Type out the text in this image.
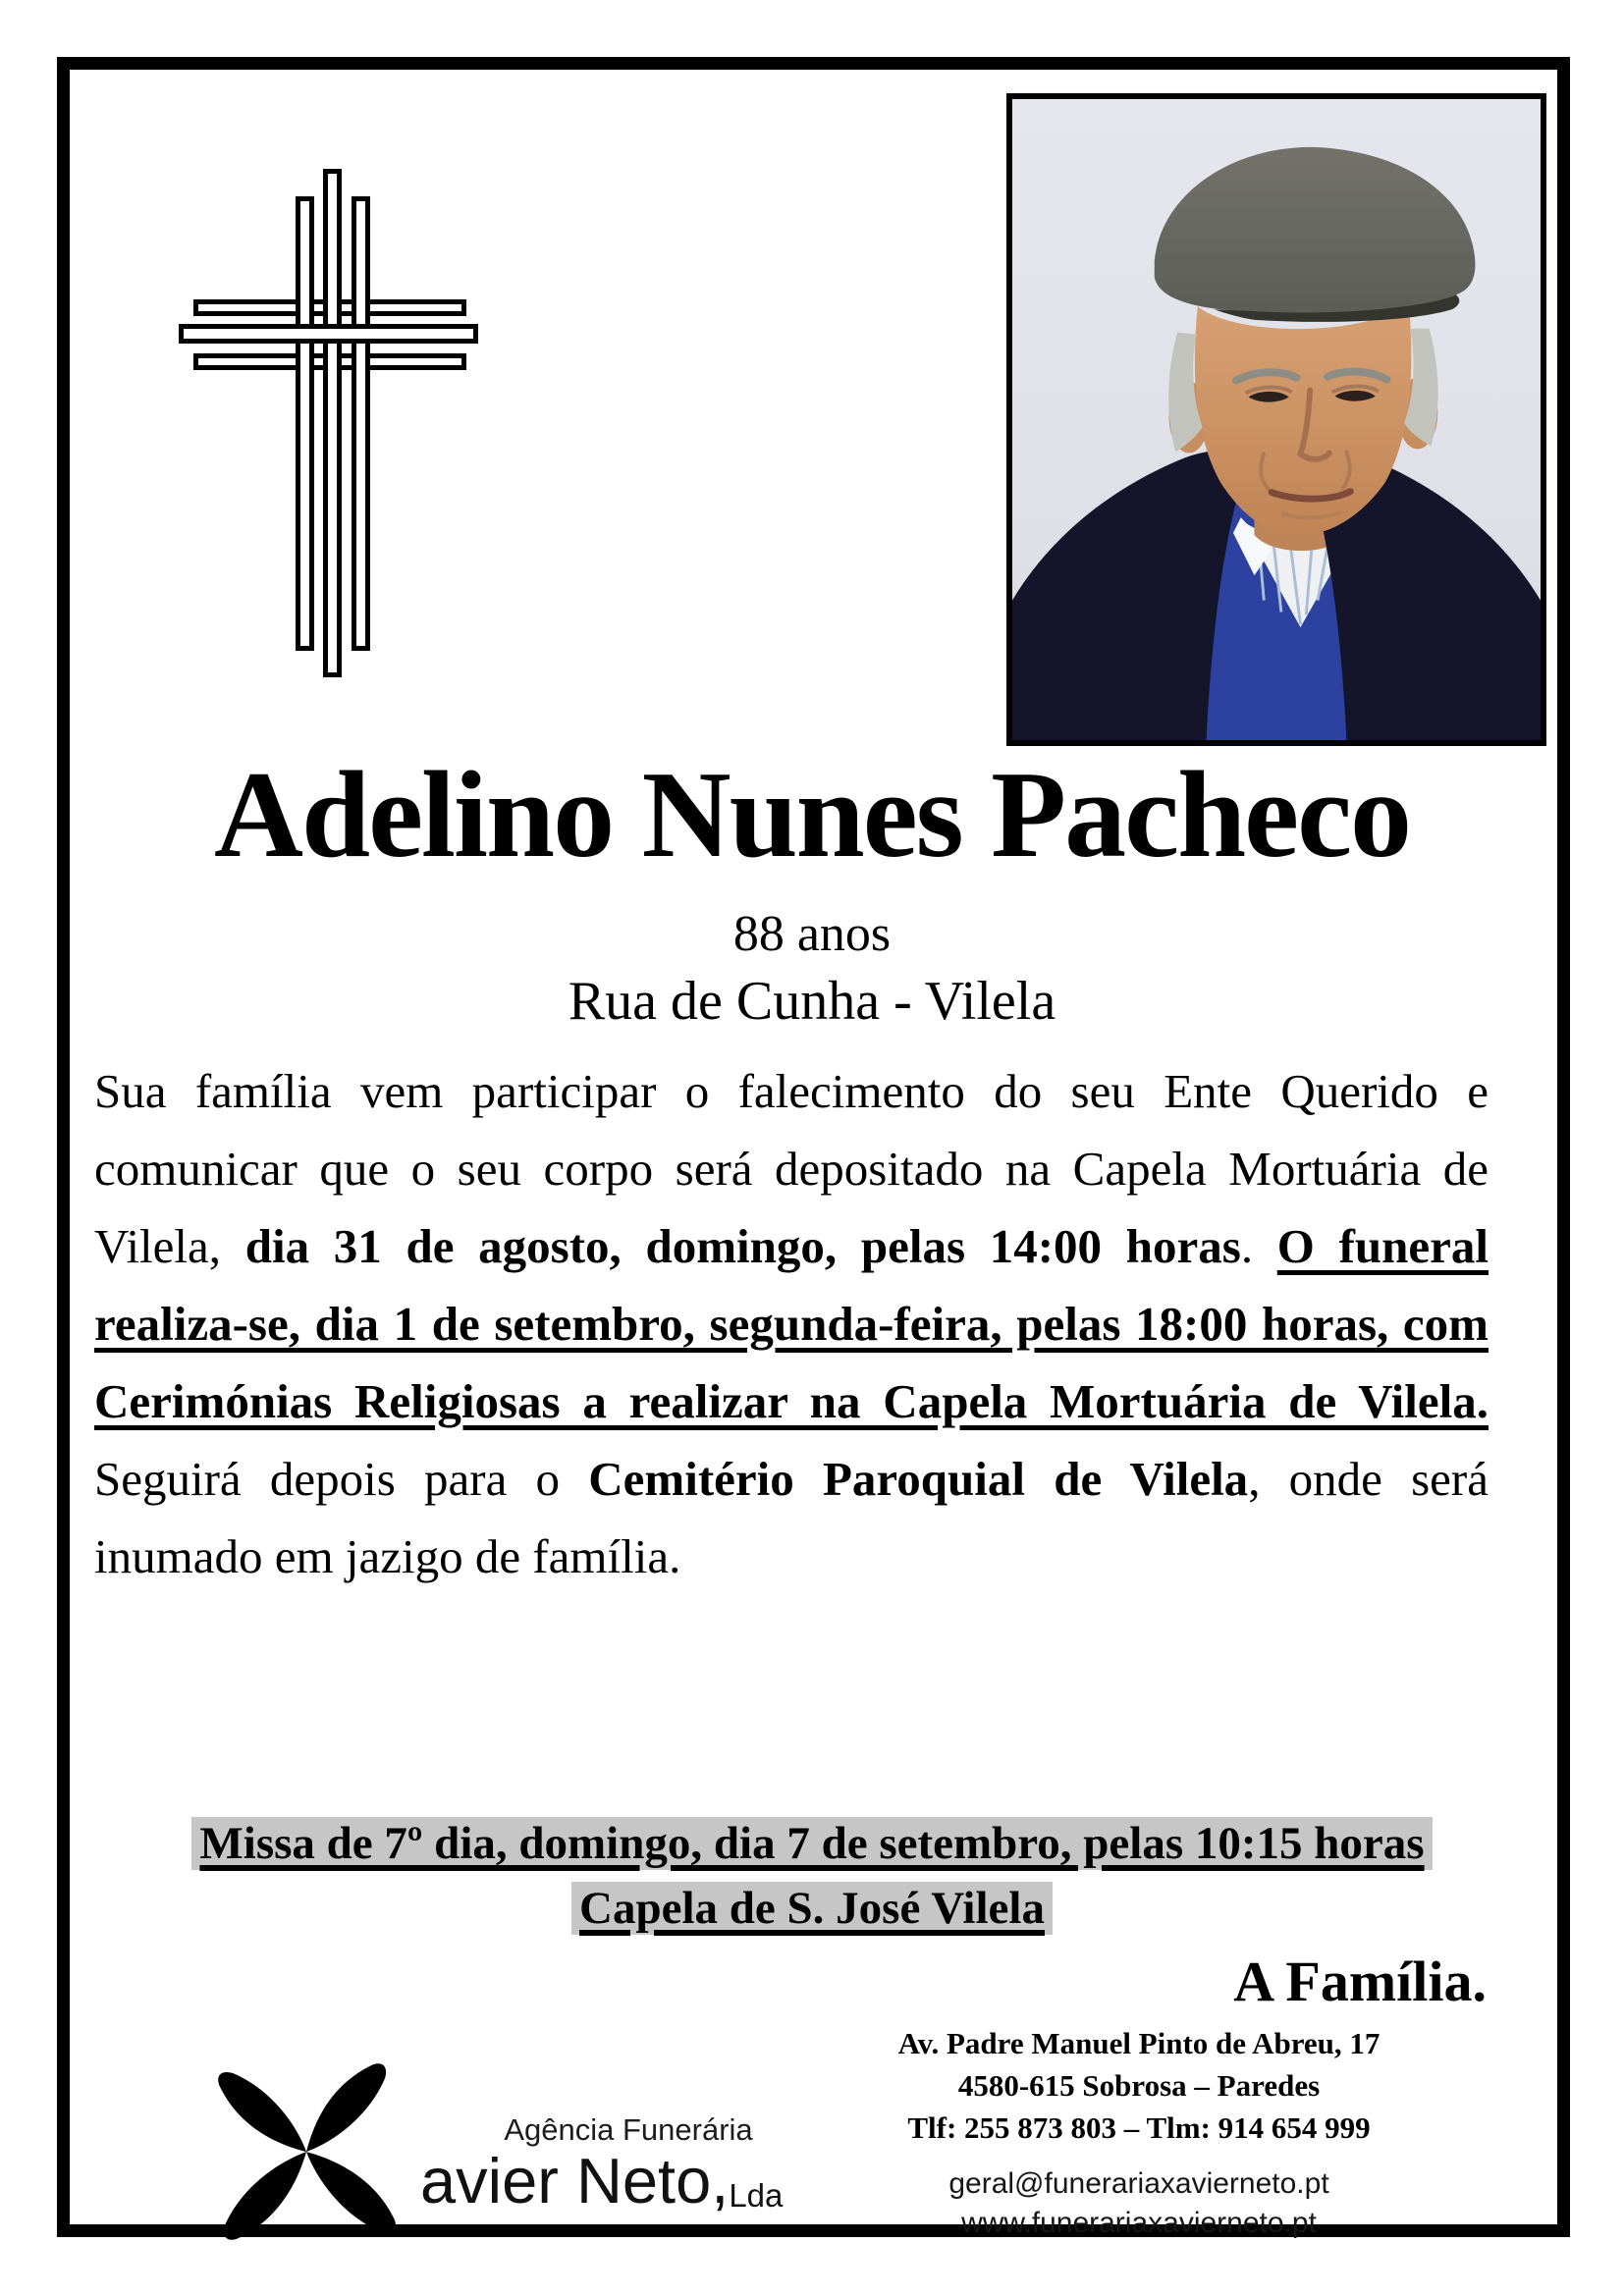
Adelino Nunes Pacheco
88 anos
Rua de Cunha - Vilela

Sua família vem participar o falecimento do seu Ente Querido e comunicar que o seu corpo será depositado na Capela Mortuária de Vilela, dia 31 de agosto, domingo, pelas 14:00 horas. O funeral realiza-se, dia 1 de setembro, segunda-feira, pelas 18:00 horas, com Cerimónias Religiosas a realizar na Capela Mortuária de Vilela. Seguirá depois para o Cemitério Paroquial de Vilela, onde será inumado em jazigo de família.

Missa de 7º dia, domingo, dia 7 de setembro, pelas 10:15 horas
Capela de S. José Vilela
A Família.
Agência Funerária
avier Neto,Lda
Av. Padre Manuel Pinto de Abreu, 17
4580-615 Sobrosa – Paredes
Tlf: 255 873 803 – Tlm: 914 654 999
geral@funerariaxavierneto.pt
www.funerariaxavierneto.pt
